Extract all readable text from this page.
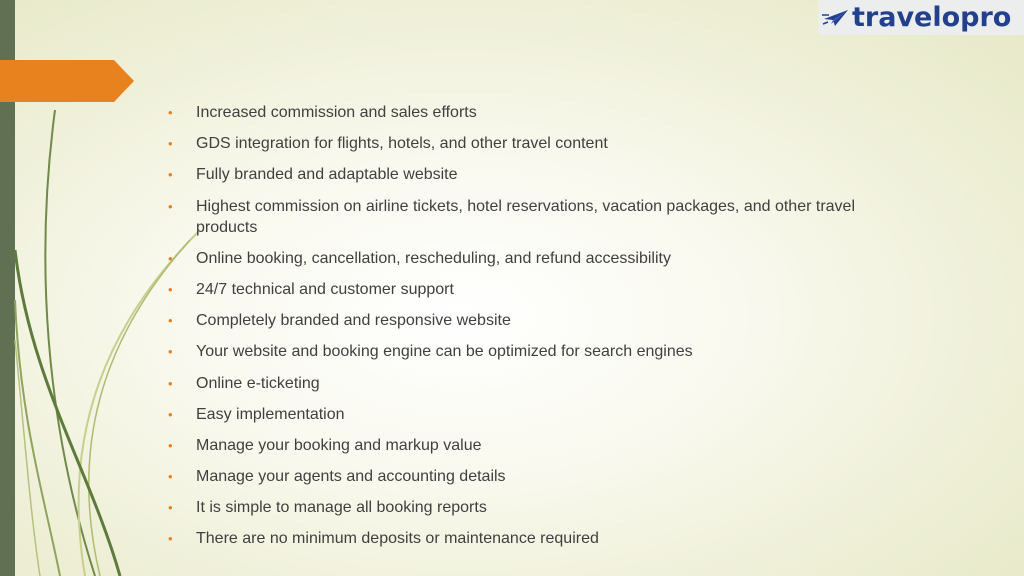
travelopro
• Increased commission and sales efforts
• GDS integration for flights, hotels, and other travel content
• Fully branded and adaptable website
• Highest commission on airline tickets, hotel reservations, vacation packages, and other travel products
• Online booking, cancellation, rescheduling, and refund accessibility
• 24/7 technical and customer support
• Completely branded and responsive website
• Your website and booking engine can be optimized for search engines
• Online e-ticketing
• Easy implementation
• Manage your booking and markup value
• Manage your agents and accounting details
• It is simple to manage all booking reports
• There are no minimum deposits or maintenance required
